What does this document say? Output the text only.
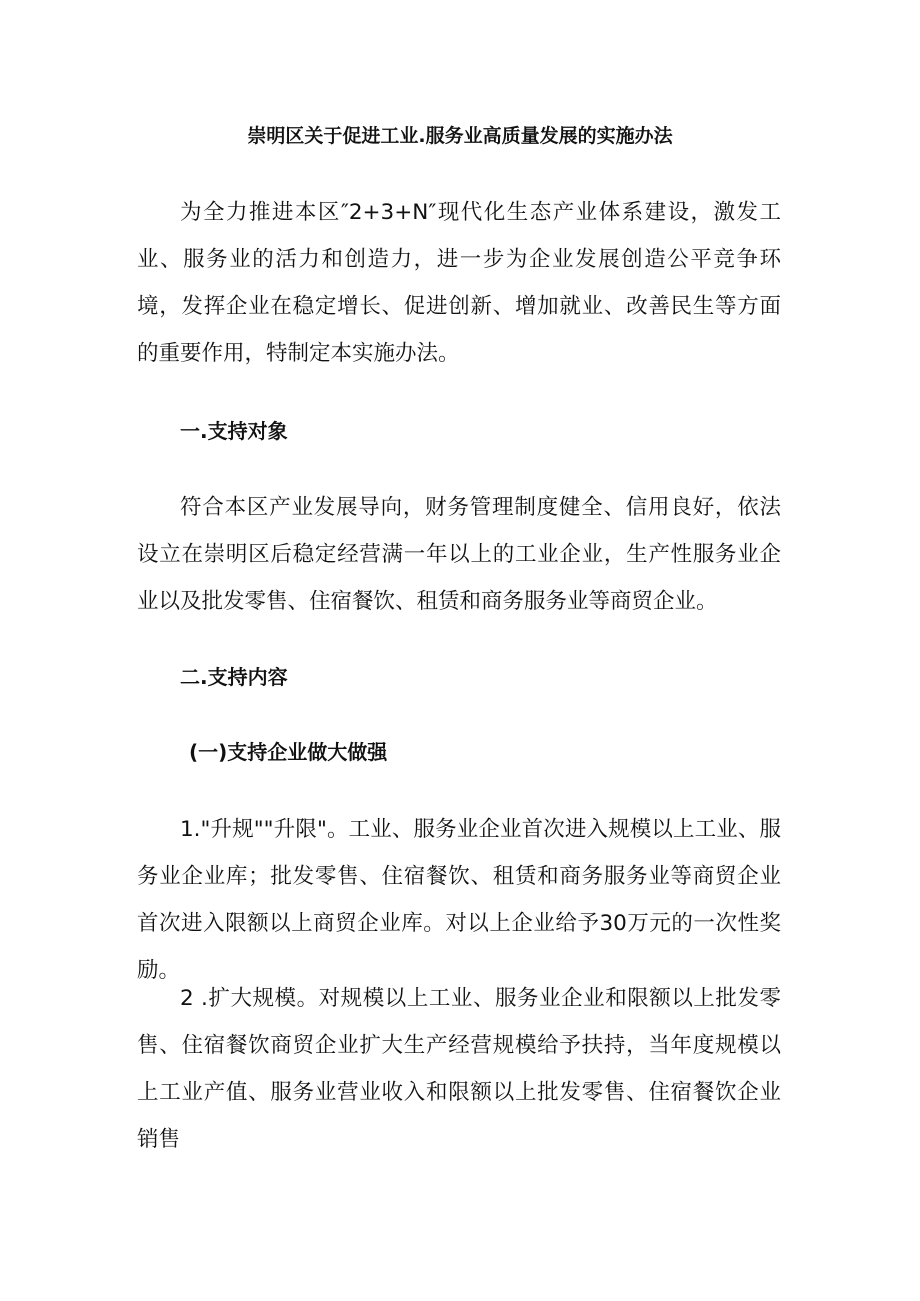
崇明区关于促进工业.服务业高质量发展的实施办法

为全力推进本区″2+3+N″现代化生态产业体系建设，激发工业、服务业的活力和创造力，进一步为企业发展创造公平竞争环境，发挥企业在稳定增长、促进创新、增加就业、改善民生等方面的重要作用，特制定本实施办法。

一.支持对象

符合本区产业发展导向，财务管理制度健全、信用良好，依法设立在崇明区后稳定经营满一年以上的工业企业，生产性服务业企业以及批发零售、住宿餐饮、租赁和商务服务业等商贸企业。

二.支持内容
(一)支持企业做大做强

1."升规""升限"。工业、服务业企业首次进入规模以上工业、服务业企业库；批发零售、住宿餐饮、租赁和商务服务业等商贸企业首次进入限额以上商贸企业库。对以上企业给予30万元的一次性奖励。

2 .扩大规模。对规模以上工业、服务业企业和限额以上批发零售、住宿餐饮商贸企业扩大生产经营规模给予扶持，当年度规模以上工业产值、服务业营业收入和限额以上批发零售、住宿餐饮企业销售
